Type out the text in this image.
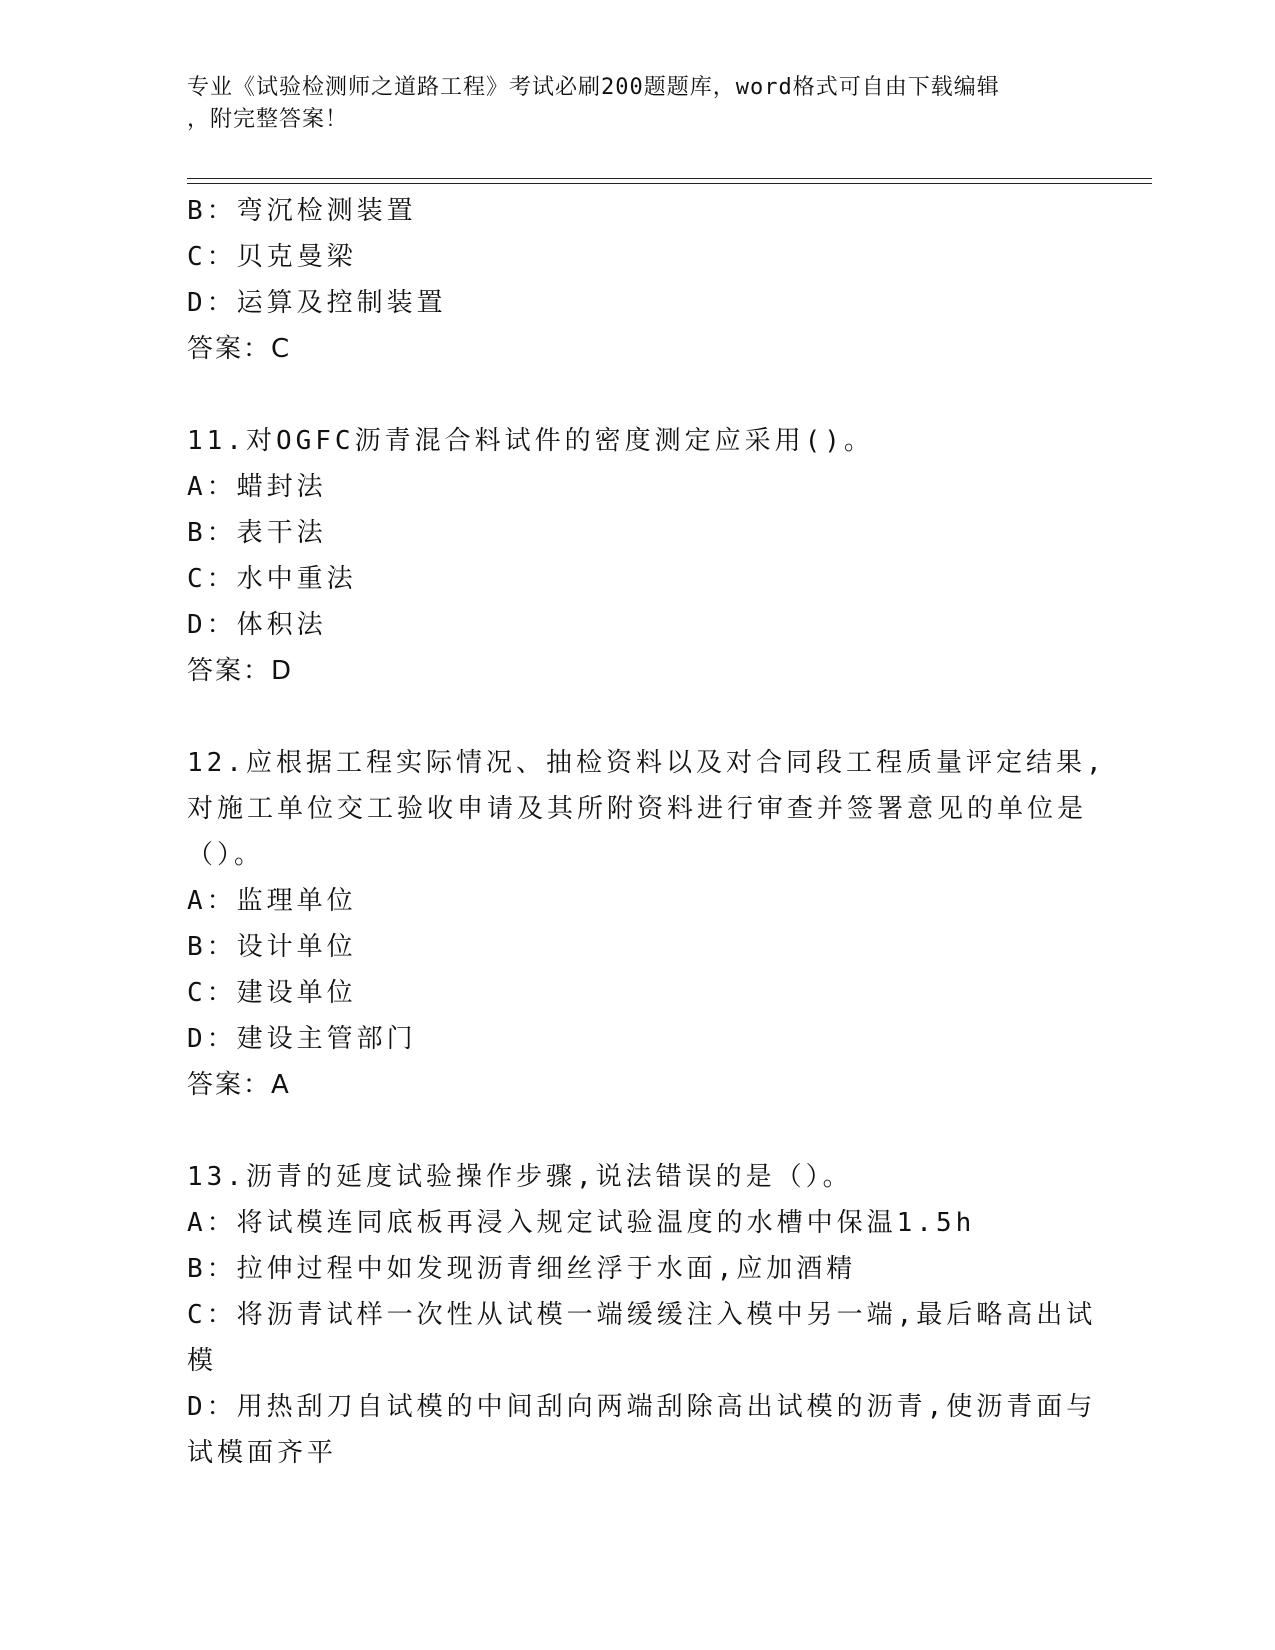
专业《试验检测师之道路工程》考试必刷200题题库，word格式可自由下载编辑
，附完整答案！
B：弯沉检测装置
C：贝克曼梁
D：运算及控制装置
答案：C
11.对OGFC沥青混合料试件的密度测定应采用()。
A：蜡封法
B：表干法
C：水中重法
D：体积法
答案：D
12.应根据工程实际情况、抽检资料以及对合同段工程质量评定结果,
对施工单位交工验收申请及其所附资料进行审查并签署意见的单位是
（）。
A：监理单位
B：设计单位
C：建设单位
D：建设主管部门
答案：A
13.沥青的延度试验操作步骤,说法错误的是（）。
A：将试模连同底板再浸入规定试验温度的水槽中保温1.5h
B：拉伸过程中如发现沥青细丝浮于水面,应加酒精
C：将沥青试样一次性从试模一端缓缓注入模中另一端,最后略高出试
模
D：用热刮刀自试模的中间刮向两端刮除高出试模的沥青,使沥青面与
试模面齐平
